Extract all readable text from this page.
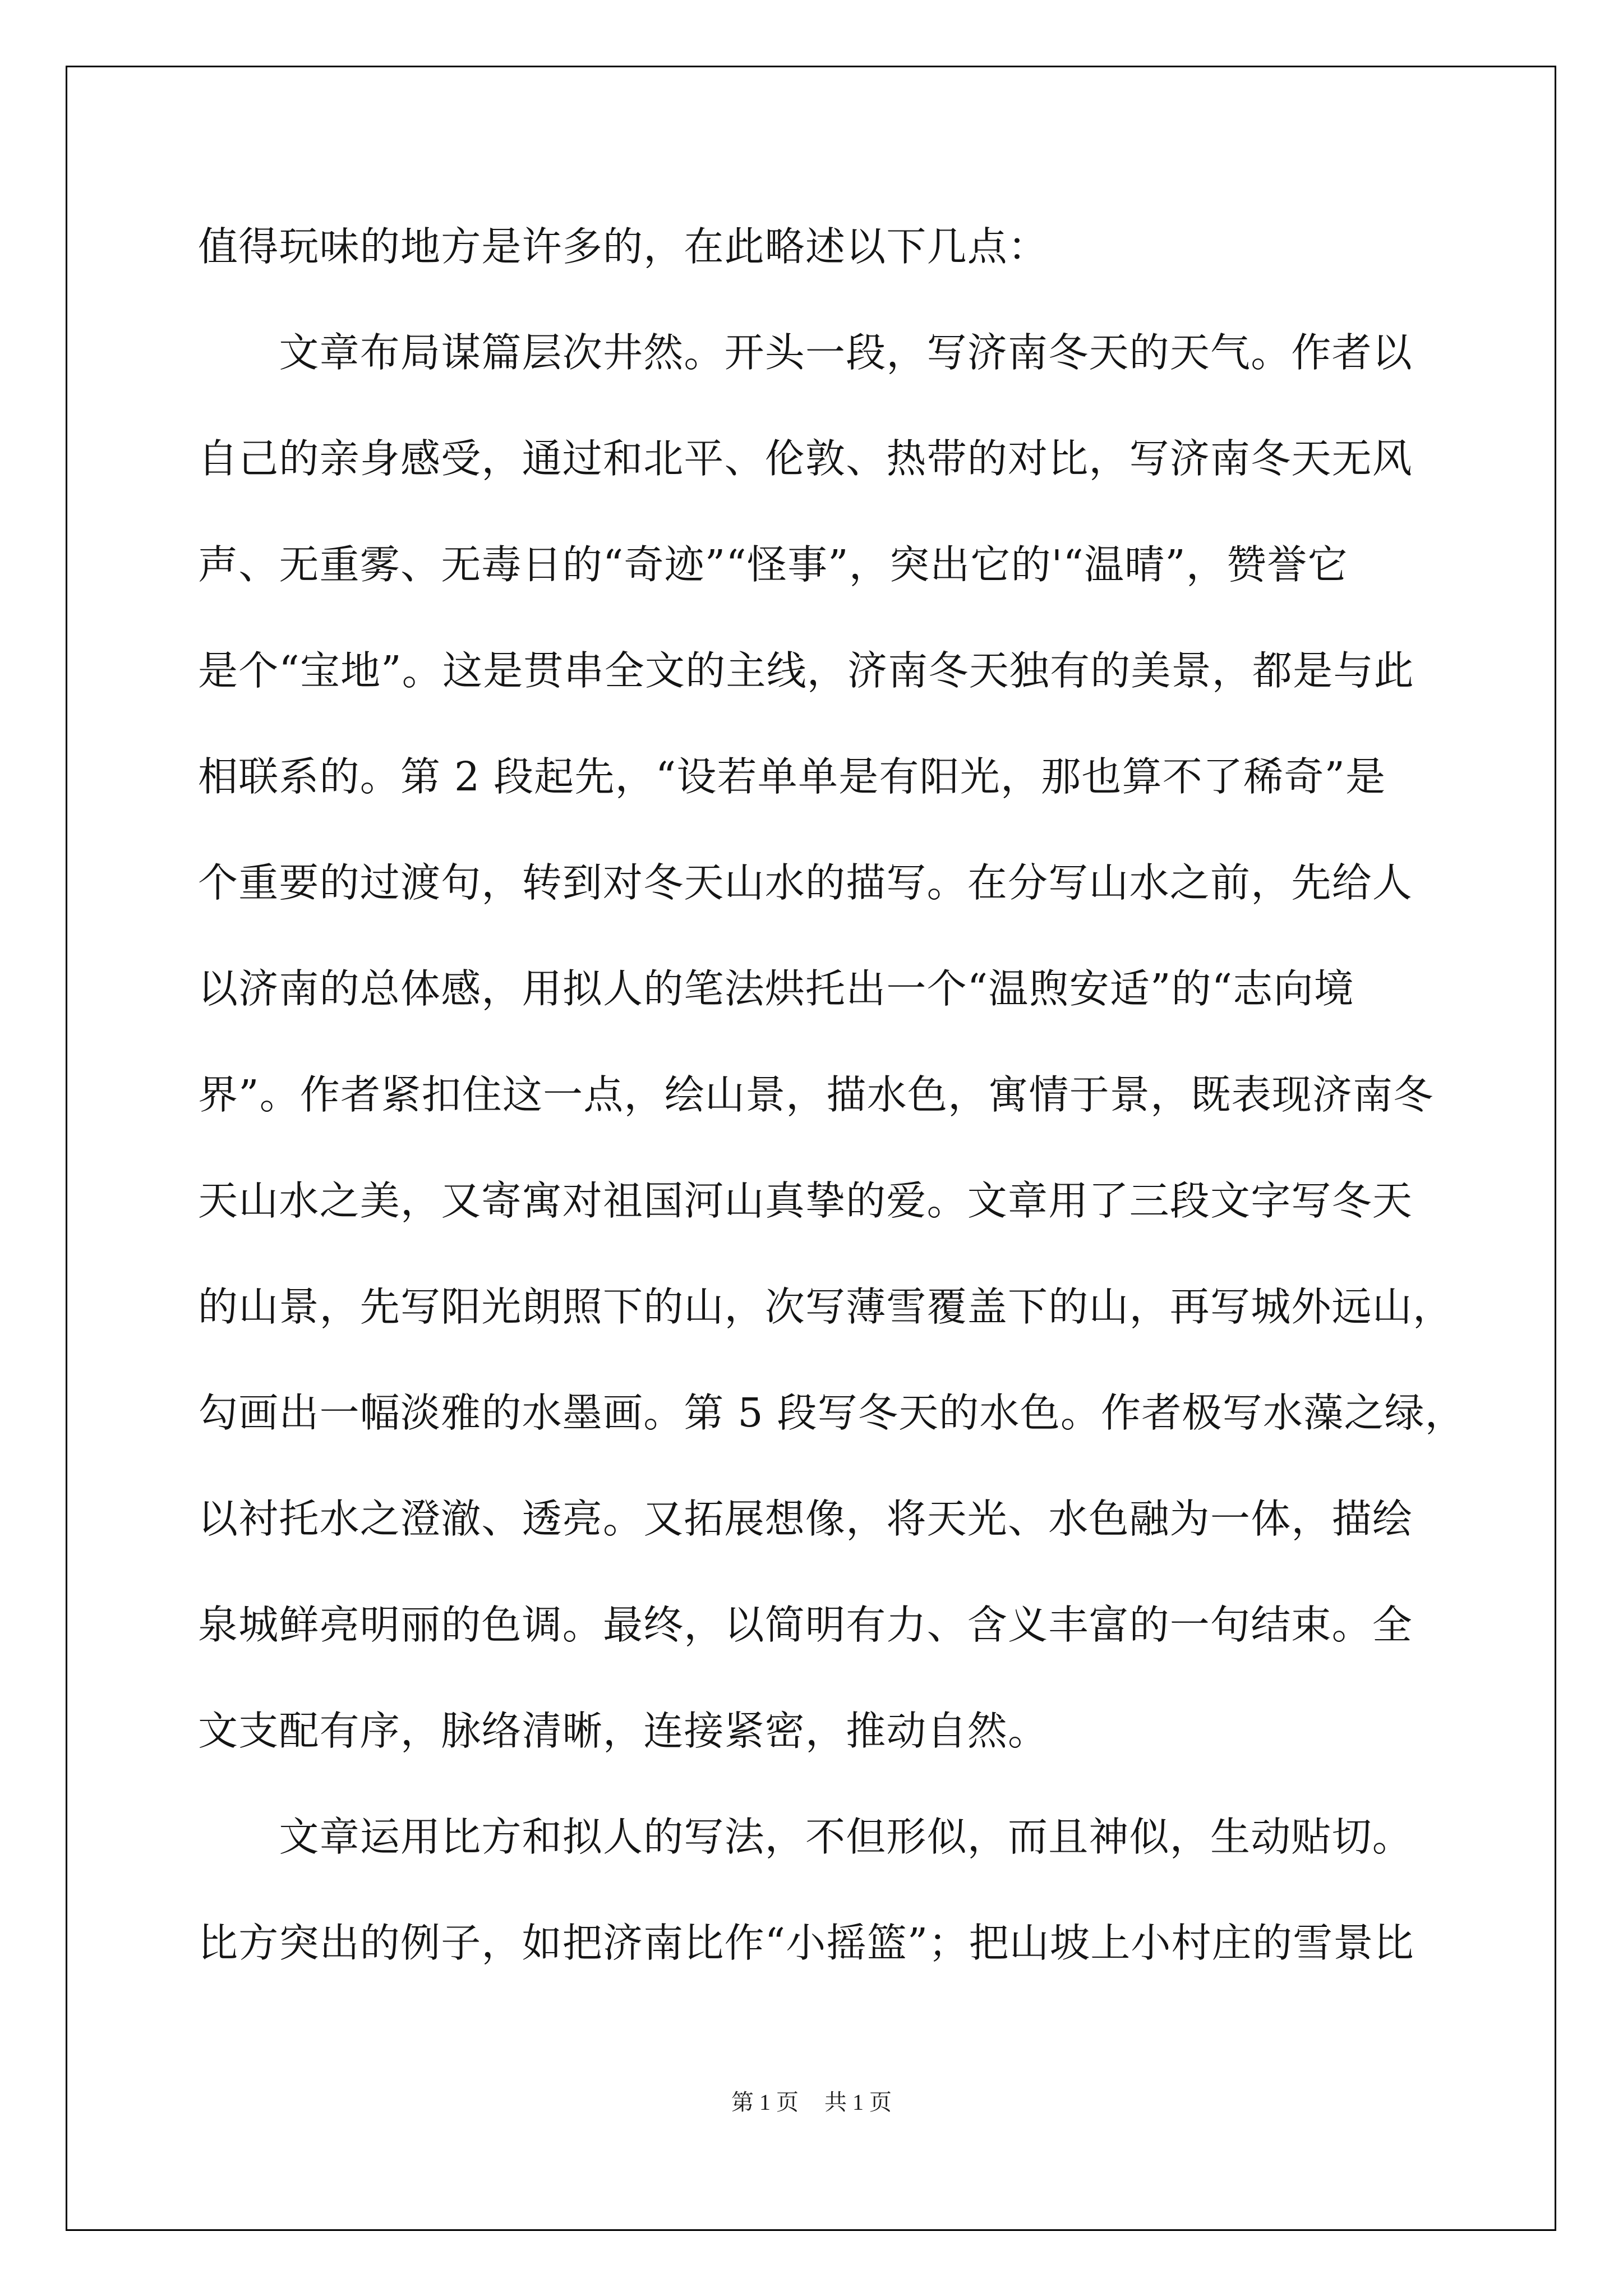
值得玩味的地方是许多的，在此略述以下几点：
　　文章布局谋篇层次井然。开头一段，写济南冬天的天气。作者以
自己的亲身感受，通过和北平、伦敦、热带的对比，写济南冬天无风
声、无重雾、无毒日的“奇迹”“怪事”，突出它的'“温晴”，赞誉它
是个“宝地”。这是贯串全文的主线，济南冬天独有的美景，都是与此
相联系的。第 2 段起先，“设若单单是有阳光，那也算不了稀奇”是
个重要的过渡句，转到对冬天山水的描写。在分写山水之前，先给人
以济南的总体感，用拟人的笔法烘托出一个“温煦安适”的“志向境
界”。作者紧扣住这一点，绘山景，描水色，寓情于景，既表现济南冬
天山水之美，又寄寓对祖国河山真挚的爱。文章用了三段文字写冬天
的山景，先写阳光朗照下的山，次写薄雪覆盖下的山，再写城外远山，
勾画出一幅淡雅的水墨画。第 5 段写冬天的水色。作者极写水藻之绿，
以衬托水之澄澈、透亮。又拓展想像，将天光、水色融为一体，描绘
泉城鲜亮明丽的色调。最终，以简明有力、含义丰富的一句结束。全
文支配有序，脉络清晰，连接紧密，推动自然。
　　文章运用比方和拟人的写法，不但形似，而且神似，生动贴切。
比方突出的例子，如把济南比作“小摇篮”；把山坡上小村庄的雪景比
第 1 页 共 1 页
